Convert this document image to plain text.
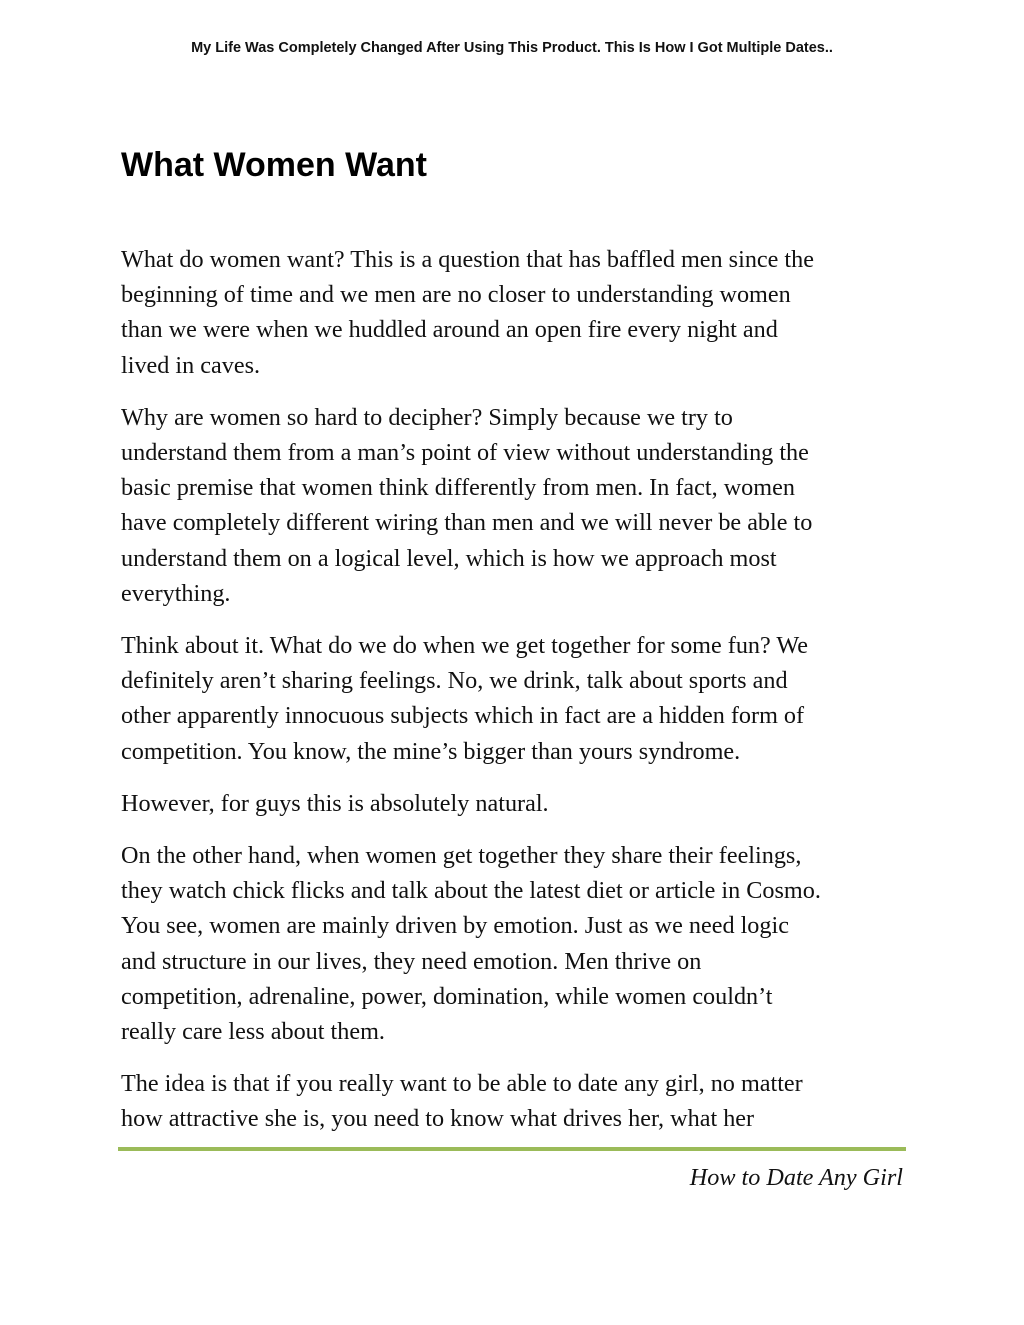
My Life Was Completely Changed After Using This Product. This Is How I Got Multiple Dates..
What Women Want

What do women want? This is a question that has baffled men since the
beginning of time and we men are no closer to understanding women
than we were when we huddled around an open fire every night and
lived in caves.

Why are women so hard to decipher? Simply because we try to
understand them from a man’s point of view without understanding the
basic premise that women think differently from men. In fact, women
have completely different wiring than men and we will never be able to
understand them on a logical level, which is how we approach most
everything.

Think about it. What do we do when we get together for some fun? We
definitely aren’t sharing feelings. No, we drink, talk about sports and
other apparently innocuous subjects which in fact are a hidden form of
competition. You know, the mine’s bigger than yours syndrome.

However, for guys this is absolutely natural.

On the other hand, when women get together they share their feelings,
they watch chick flicks and talk about the latest diet or article in Cosmo.
You see, women are mainly driven by emotion. Just as we need logic
and structure in our lives, they need emotion. Men thrive on
competition, adrenaline, power, domination, while women couldn’t
really care less about them.

The idea is that if you really want to be able to date any girl, no matter
how attractive she is, you need to know what drives her, what her

How to Date Any Girl
